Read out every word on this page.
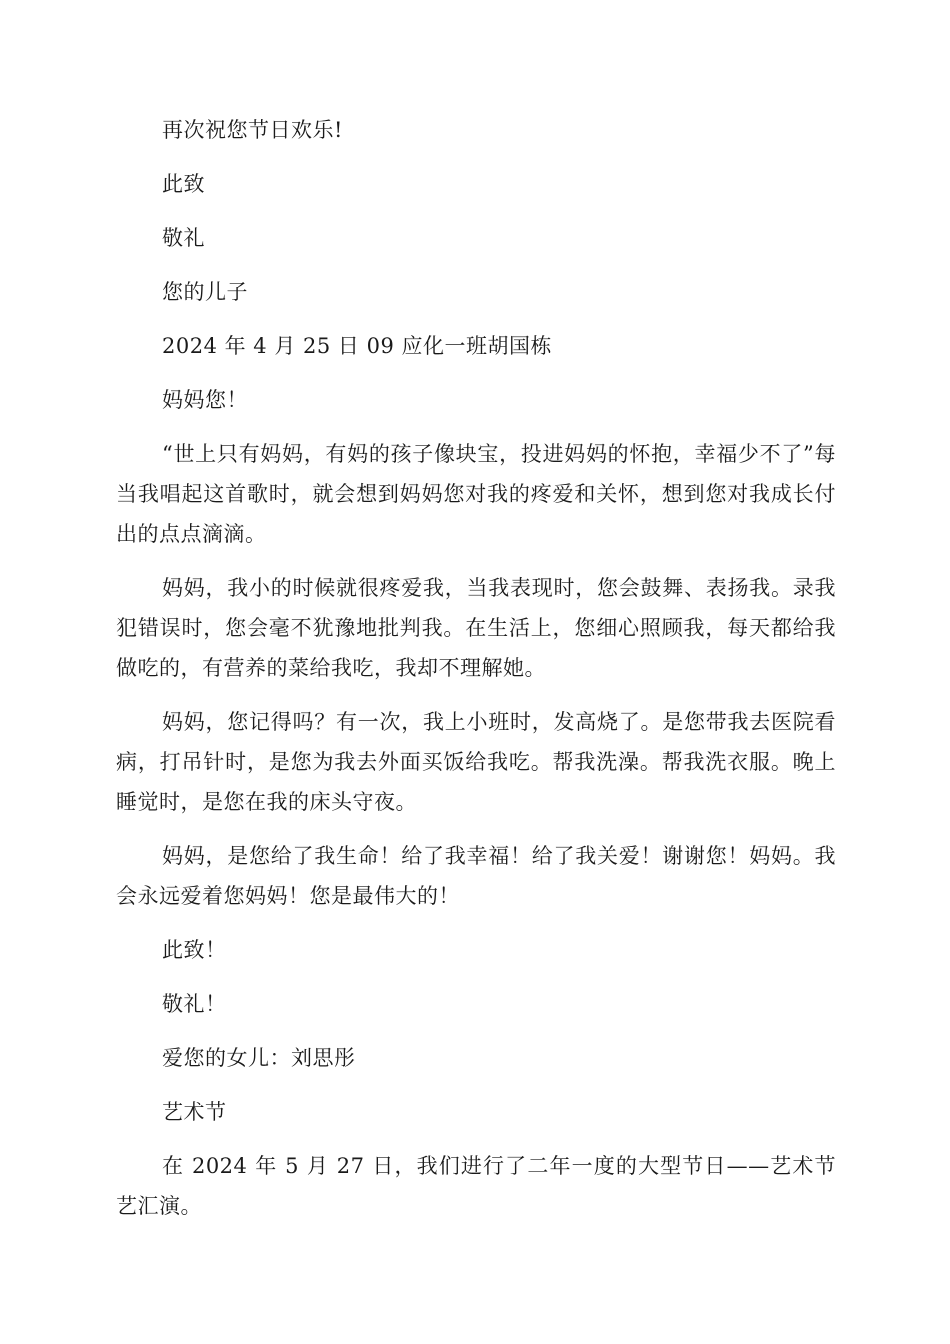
再次祝您节日欢乐!

此致

敬礼

您的儿子

2024 年 4 月 25 日 09 应化一班胡国栋

妈妈您！

“世上只有妈妈，有妈的孩子像块宝，投进妈妈的怀抱，幸福少不了”每当我唱起这首歌时，就会想到妈妈您对我的疼爱和关怀，想到您对我成长付出的点点滴滴。

妈妈，我小的时候就很疼爱我，当我表现时，您会鼓舞、表扬我。录我犯错误时，您会毫不犹豫地批判我。在生活上，您细心照顾我，每天都给我做吃的，有营养的菜给我吃，我却不理解她。

妈妈，您记得吗？有一次，我上小班时，发高烧了。是您带我去医院看病，打吊针时，是您为我去外面买饭给我吃。帮我洗澡。帮我洗衣服。晚上睡觉时，是您在我的床头守夜。

妈妈，是您给了我生命！给了我幸福！给了我关爱！谢谢您！妈妈。我会永远爱着您妈妈！您是最伟大的！

此致！

敬礼！

爱您的女儿：刘思彤

艺术节

在 2024 年 5 月 27 日，我们进行了二年一度的大型节日——艺术节艺汇演。
